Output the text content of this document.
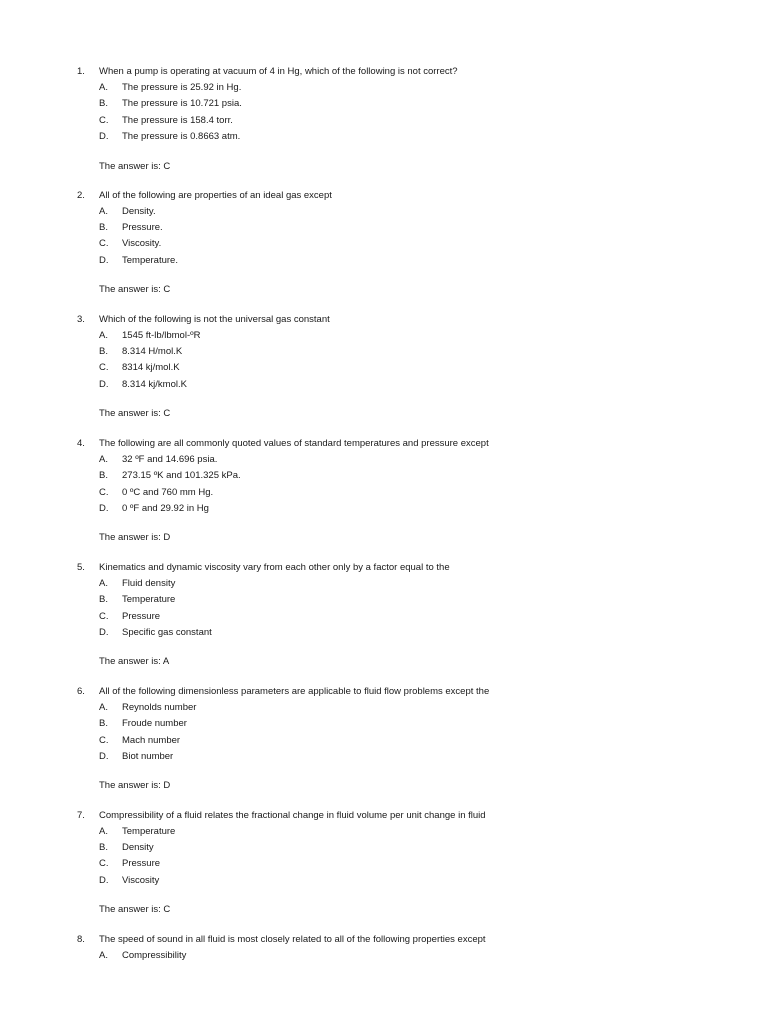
1. When a pump is operating at vacuum of 4 in Hg, which of the following is not correct?
A. The pressure is 25.92 in Hg.
B. The pressure is 10.721 psia.
C. The pressure is 158.4 torr.
D. The pressure is 0.8663 atm.
The answer is: C
2. All of the following are properties of an ideal gas except
A. Density.
B. Pressure.
C. Viscosity.
D. Temperature.
The answer is: C
3. Which of the following is not the universal gas constant
A. 1545 ft-lb/lbmol-ºR
B. 8.314 H/mol.K
C. 8314 kj/mol.K
D. 8.314 kj/kmol.K
The answer is: C
4. The following are all commonly quoted values of standard temperatures and pressure except
A. 32 ºF and 14.696 psia.
B. 273.15 ºK and 101.325 kPa.
C. 0 ºC and 760 mm Hg.
D. 0 ºF and 29.92 in Hg
The answer is: D
5. Kinematics and dynamic viscosity vary from each other only by a factor equal to the
A. Fluid density
B. Temperature
C. Pressure
D. Specific gas constant
The answer is: A
6. All of the following dimensionless parameters are applicable to fluid flow problems except the
A. Reynolds number
B. Froude number
C. Mach number
D. Biot number
The answer is: D
7. Compressibility of a fluid relates the fractional change in fluid volume per unit change in fluid
A. Temperature
B. Density
C. Pressure
D. Viscosity
The answer is: C
8. The speed of sound in all fluid is most closely related to all of the following properties except
A. Compressibility
